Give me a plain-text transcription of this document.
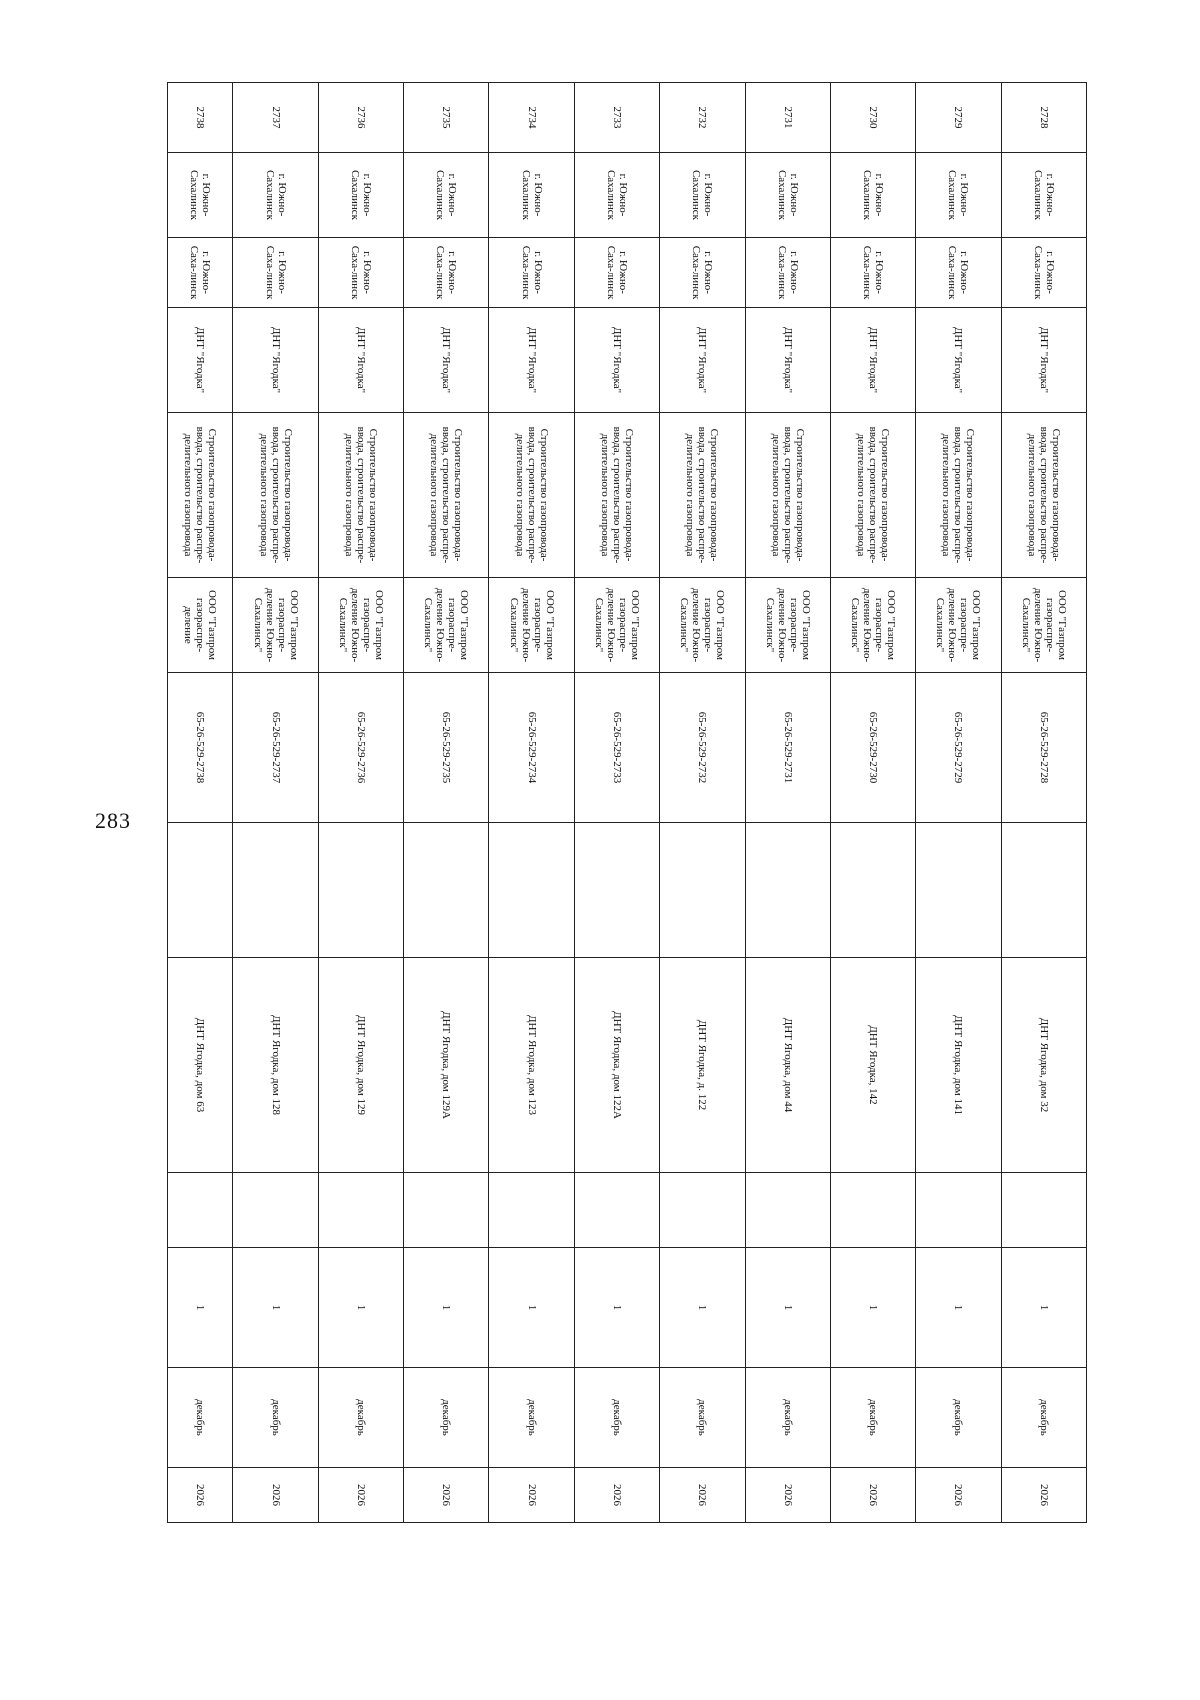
283
2728	г. Южно-Сахалинск	г. Южно-Саха-линск	ДНТ "Ягодка"	Строительство газопровода-ввода, строительство распре-делительного газопровода	ООО "Газпром газораспре-деление Южно-Сахалинск"	65-26-529-2728		ДНТ Ягодка, дом 32		1	декабрь	2026
2729	г. Южно-Сахалинск	г. Южно-Саха-линск	ДНТ "Ягодка"	Строительство газопровода-ввода, строительство распре-делительного газопровода	ООО "Газпром газораспре-деление Южно-Сахалинск"	65-26-529-2729		ДНТ Ягодка, дом 141		1	декабрь	2026
2730	г. Южно-Сахалинск	г. Южно-Саха-линск	ДНТ "Ягодка"	Строительство газопровода-ввода, строительство распре-делительного газопровода	ООО "Газпром газораспре-деление Южно-Сахалинск"	65-26-529-2730		ДНТ Ягодка, 142		1	декабрь	2026
2731	г. Южно-Сахалинск	г. Южно-Саха-линск	ДНТ "Ягодка"	Строительство газопровода-ввода, строительство распре-делительного газопровода	ООО "Газпром газораспре-деление Южно-Сахалинск"	65-26-529-2731		ДНТ Ягодка, дом 44		1	декабрь	2026
2732	г. Южно-Сахалинск	г. Южно-Саха-линск	ДНТ "Ягодка"	Строительство газопровода-ввода, строительство распре-делительного газопровода	ООО "Газпром газораспре-деление Южно-Сахалинск"	65-26-529-2732		ДНТ Ягодка, д. 122		1	декабрь	2026
2733	г. Южно-Сахалинск	г. Южно-Саха-линск	ДНТ "Ягодка"	Строительство газопровода-ввода, строительство распре-делительного газопровода	ООО "Газпром газораспре-деление Южно-Сахалинск"	65-26-529-2733		ДНТ Ягодка, дом 122А		1	декабрь	2026
2734	г. Южно-Сахалинск	г. Южно-Саха-линск	ДНТ "Ягодка"	Строительство газопровода-ввода, строительство распре-делительного газопровода	ООО "Газпром газораспре-деление Южно-Сахалинск"	65-26-529-2734		ДНТ Ягодка, дом 123		1	декабрь	2026
2735	г. Южно-Сахалинск	г. Южно-Саха-линск	ДНТ "Ягодка"	Строительство газопровода-ввода, строительство распре-делительного газопровода	ООО "Газпром газораспре-деление Южно-Сахалинск"	65-26-529-2735		ДНТ Ягодка, дом 129А		1	декабрь	2026
2736	г. Южно-Сахалинск	г. Южно-Саха-линск	ДНТ "Ягодка"	Строительство газопровода-ввода, строительство распре-делительного газопровода	ООО "Газпром газораспре-деление Южно-Сахалинск"	65-26-529-2736		ДНТ Ягодка, дом 129		1	декабрь	2026
2737	г. Южно-Сахалинск	г. Южно-Саха-линск	ДНТ "Ягодка"	Строительство газопровода-ввода, строительство распре-делительного газопровода	ООО "Газпром газораспре-деление Южно-Сахалинск"	65-26-529-2737		ДНТ Ягодка, дом 128		1	декабрь	2026
2738	г. Южно-Сахалинск	г. Южно-Саха-линск	ДНТ "Ягодка"	Строительство газопровода-ввода, строительство распре-делительного газопровода	ООО "Газпром газораспре-деление	65-26-529-2738		ДНТ Ягодка, дом 63		1	декабрь	2026
